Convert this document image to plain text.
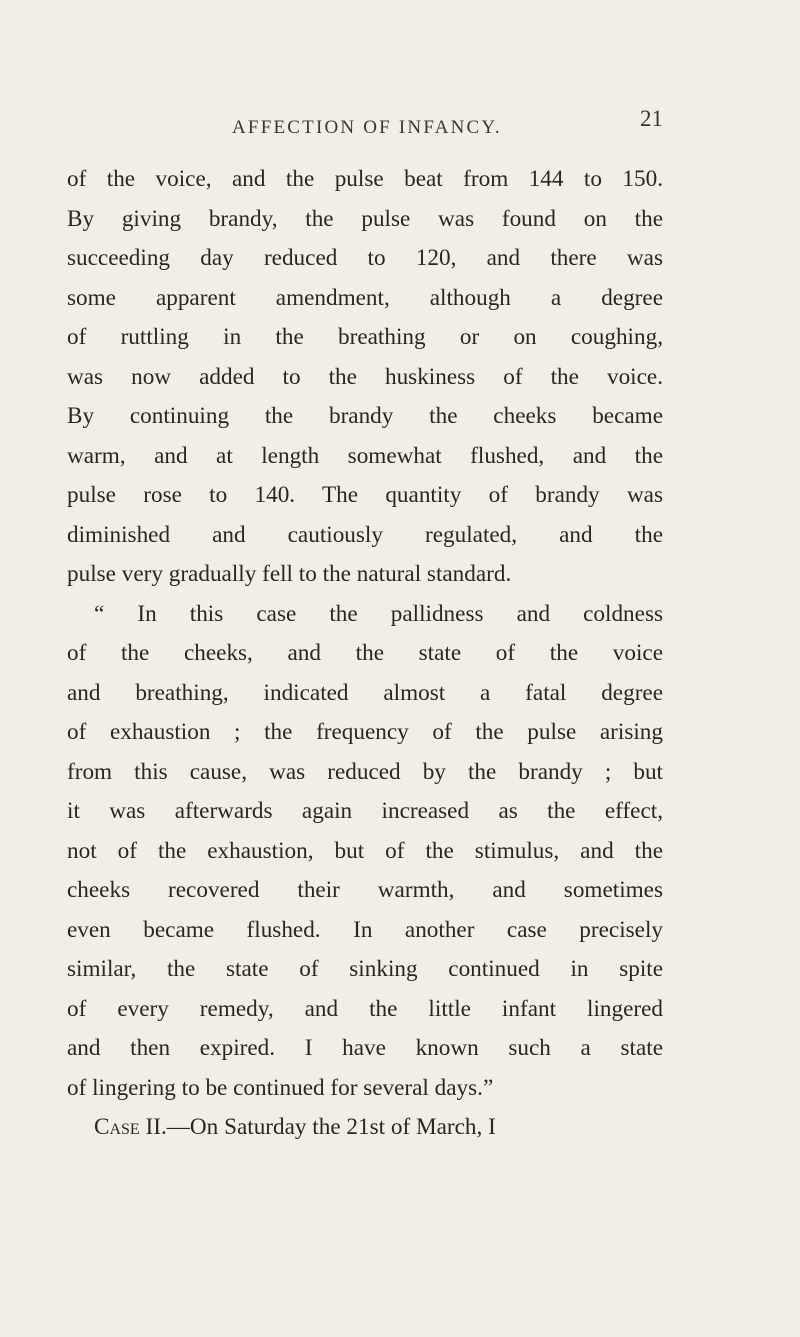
AFFECTION OF INFANCY.	21
of the voice, and the pulse beat from 144 to 150.
By giving brandy, the pulse was found on the
succeeding day reduced to 120, and there was
some apparent amendment, although a degree
of ruttling in the breathing or on coughing,
was now added to the huskiness of the voice.
By continuing the brandy the cheeks became
warm, and at length somewhat flushed, and the
pulse rose to 140. The quantity of brandy was
diminished and cautiously regulated, and the
pulse very gradually fell to the natural standard.
“ In this case the pallidness and coldness
of the cheeks, and the state of the voice
and breathing, indicated almost a fatal degree
of exhaustion ; the frequency of the pulse arising
from this cause, was reduced by the brandy ; but
it was afterwards again increased as the effect,
not of the exhaustion, but of the stimulus, and the
cheeks recovered their warmth, and sometimes
even became flushed. In another case precisely
similar, the state of sinking continued in spite
of every remedy, and the little infant lingered
and then expired. I have known such a state
of lingering to be continued for several days.”
Case II.—On Saturday the 21st of March, I
